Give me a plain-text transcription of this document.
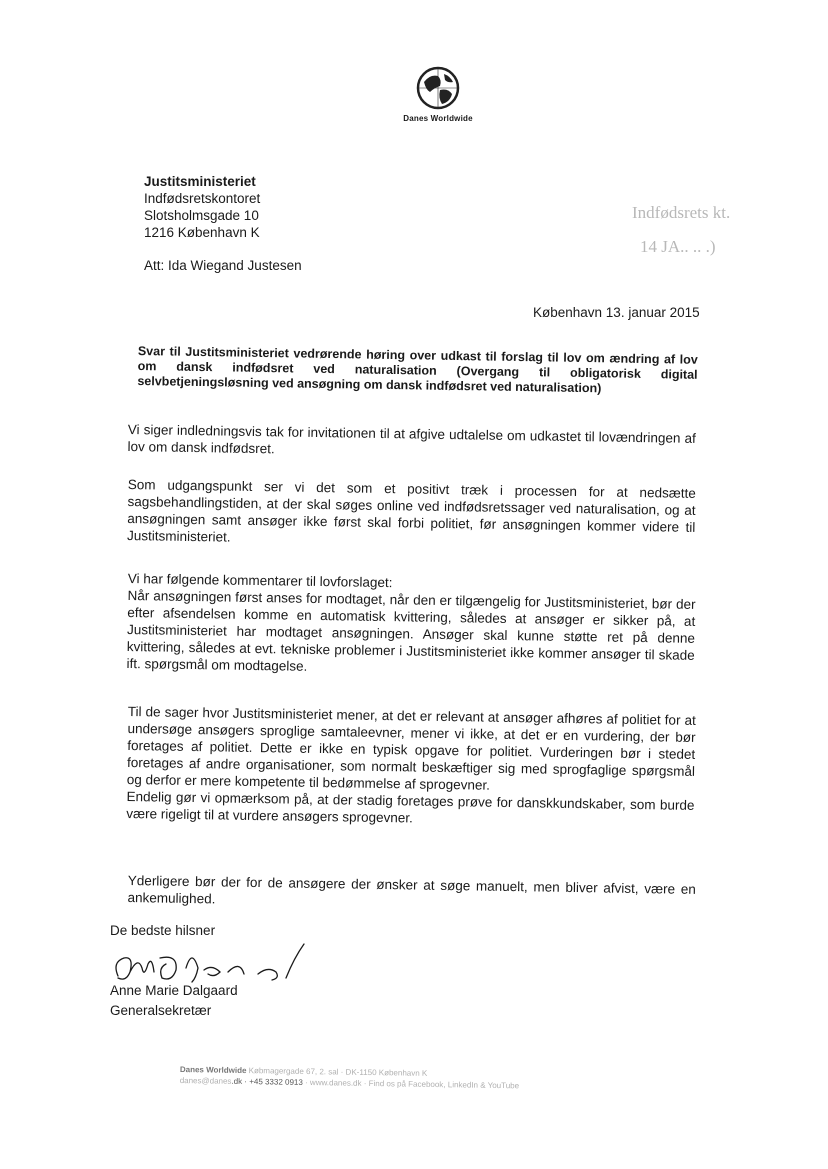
Danes Worldwide
Justitsministeriet
Indfødsretskontoret
Slotsholmsgade 10
1216 København K
Indfødsrets kt.
14 JA.. .. .)
Att: Ida Wiegand Justesen
København 13. januar 2015
Svar til Justitsministeriet vedrørende høring over udkast til forslag til lov om ændring af lov om dansk indfødsret ved naturalisation (Overgang til obligatorisk digital selvbetjeningsløsning ved ansøgning om dansk indfødsret ved naturalisation)
Vi siger indledningsvis tak for invitationen til at afgive udtalelse om udkastet til lovændringen af lov om dansk indfødsret.
Som udgangspunkt ser vi det som et positivt træk i processen for at nedsætte sagsbehandlingstiden, at der skal søges online ved indfødsretssager ved naturalisation, og at ansøgningen samt ansøger ikke først skal forbi politiet, før ansøgningen kommer videre til Justitsministeriet.
Vi har følgende kommentarer til lovforslaget:
Når ansøgningen først anses for modtaget, når den er tilgængelig for Justitsministeriet, bør der efter afsendelsen komme en automatisk kvittering, således at ansøger er sikker på, at Justitsministeriet har modtaget ansøgningen. Ansøger skal kunne støtte ret på denne kvittering, således at evt. tekniske problemer i Justitsministeriet ikke kommer ansøger til skade ift. spørgsmål om modtagelse.
Til de sager hvor Justitsministeriet mener, at det er relevant at ansøger afhøres af politiet for at undersøge ansøgers sproglige samtaleevner, mener vi ikke, at det er en vurdering, der bør foretages af politiet. Dette er ikke en typisk opgave for politiet. Vurderingen bør i stedet foretages af andre organisationer, som normalt beskæftiger sig med sprogfaglige spørgsmål og derfor er mere kompetente til bedømmelse af sprogevner.
Endelig gør vi opmærksom på, at der stadig foretages prøve for danskkundskaber, som burde være rigeligt til at vurdere ansøgers sprogevner.
Yderligere bør der for de ansøgere der ønsker at søge manuelt, men bliver afvist, være en ankemulighed.
De bedste hilsner
Anne Marie Dalgaard
Generalsekretær
Danes Worldwide Købmagergade 67, 2. sal · DK-1150 København K
danes@danes.dk · +45 3332 0913 · www.danes.dk · Find os på Facebook, LinkedIn & YouTube
